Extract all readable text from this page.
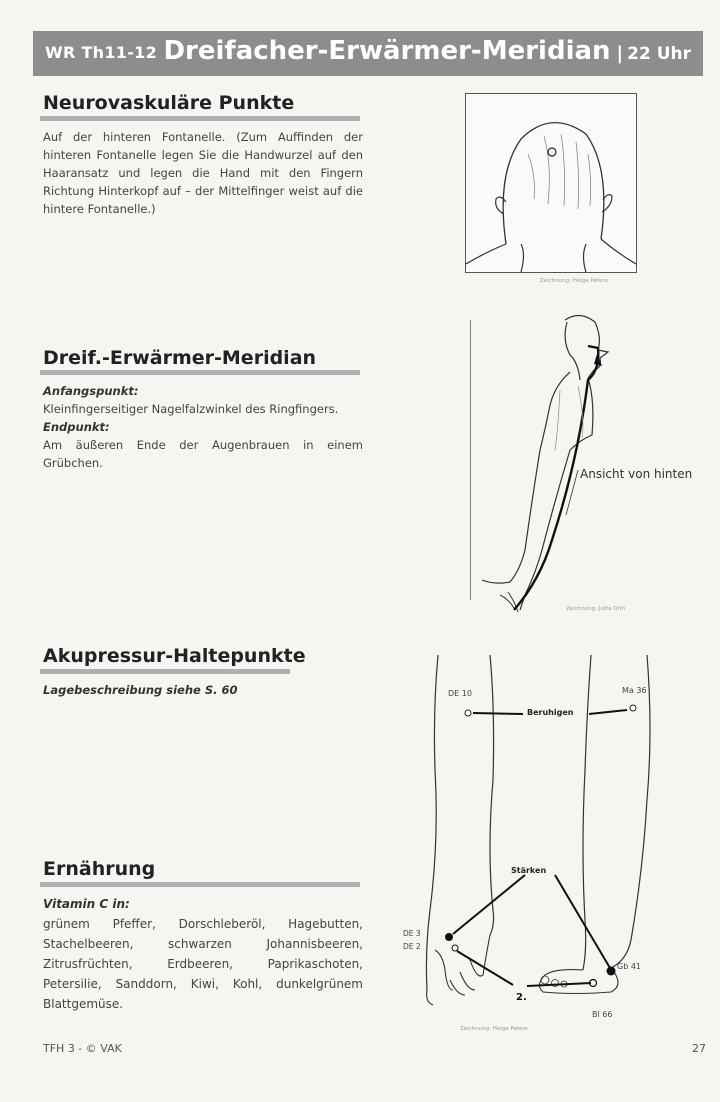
WR Th11-12 Dreifacher-Erwärmer-Meridian | 22 Uhr
Neurovaskuläre Punkte

Auf der hinteren Fontanelle. (Zum Auffinden der hinteren Fontanelle legen Sie die Handwurzel auf den Haaransatz und legen die Hand mit den Fingern Richtung Hinterkopf auf – der Mittelfinger weist auf die hintere Fontanelle.)

Zeichnung: Helga Peters
Dreif.-Erwärmer-Meridian
Anfangspunkt:
Kleinfingerseitiger Nagelfalzwinkel des Ringfingers.
Endpunkt:
Am äußeren Ende der Augenbrauen in einem Grübchen.
Ansicht von hinten
Zeichnung: Jutta Orth
Akupressur-Haltepunkte
Lagebeschreibung siehe S. 60	DE 10	Ma 36
Beruhigen
Stärken
DE 3
DE 2
Gb 41
2.
Bl 66
Zeichnung: Helga Peters
Ernährung
Vitamin C in:
grünem Pfeffer, Dorschleberöl, Hagebutten, Stachelbeeren, schwarzen Johannisbeeren, Zitrusfrüchten, Erdbeeren, Paprikaschoten, Petersilie, Sanddorn, Kiwi, Kohl, dunkelgrünem Blattgemüse.
TFH 3 - © VAK	27
